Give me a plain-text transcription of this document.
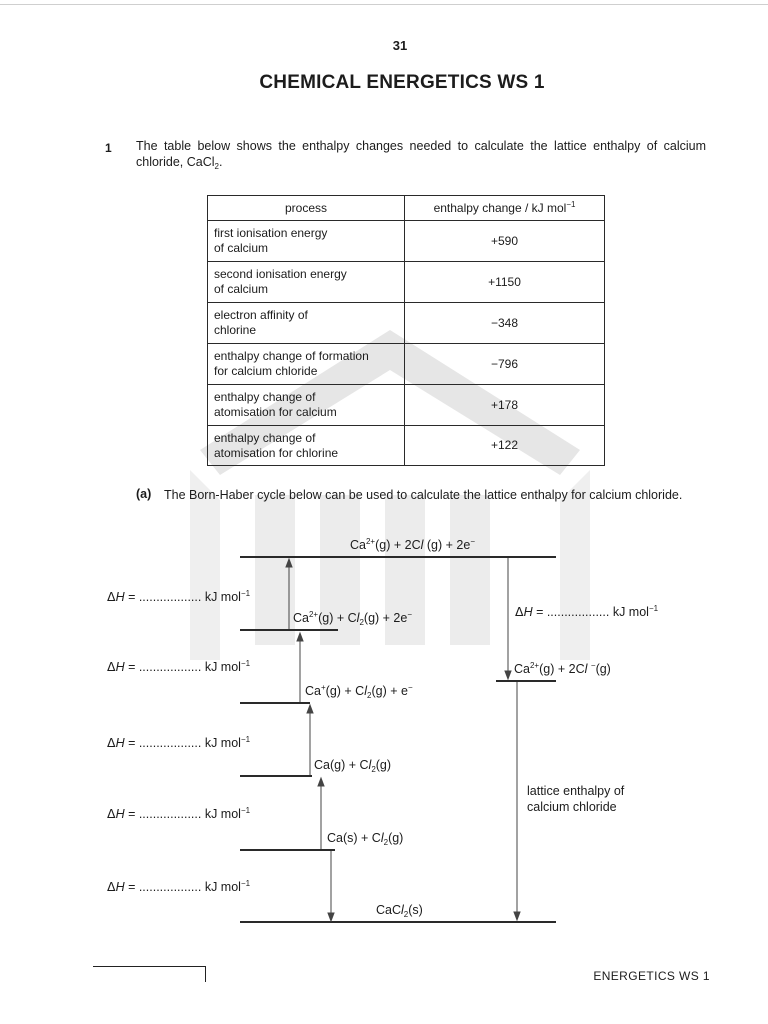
31
CHEMICAL ENERGETICS WS 1
1 The table below shows the enthalpy changes needed to calculate the lattice enthalpy of calcium chloride, CaCl$_2$.
process	enthalpy change / kJ mol$^{-1}$
first ionisation energy
of calcium	+590
second ionisation energy
of calcium	+1150
electron affinity of
chlorine	−348
enthalpy change of formation
for calcium chloride	−796
enthalpy change of
atomisation for calcium	+178
enthalpy change of
atomisation for chlorine	+122
(a) The Born-Haber cycle below can be used to calculate the lattice enthalpy for calcium chloride.
$Ca^{2+}(g) + 2Cl$ (g) + 2e−
$Ca^{2+}(g) + Cl_2(g) + 2e^-$
$Ca^{2+}(g) + 2Cl$ −(g)
$Ca^+(g) + Cl_2(g) + e^-$
$Ca(g) + Cl_2(g)$
$Ca(s) + Cl_2(g)$
CaCl$_2$(s)
ΔH = .................. kJ mol$^{-1}$
ΔH = .................. kJ mol$^{-1}$
ΔH = .................. kJ mol$^{-1}$
ΔH = .................. kJ mol$^{-1}$
ΔH = .................. kJ mol$^{-1}$
ΔH = .................. kJ mol$^{-1}$
lattice enthalpy of
calcium chloride
ENERGETICS WS 1
